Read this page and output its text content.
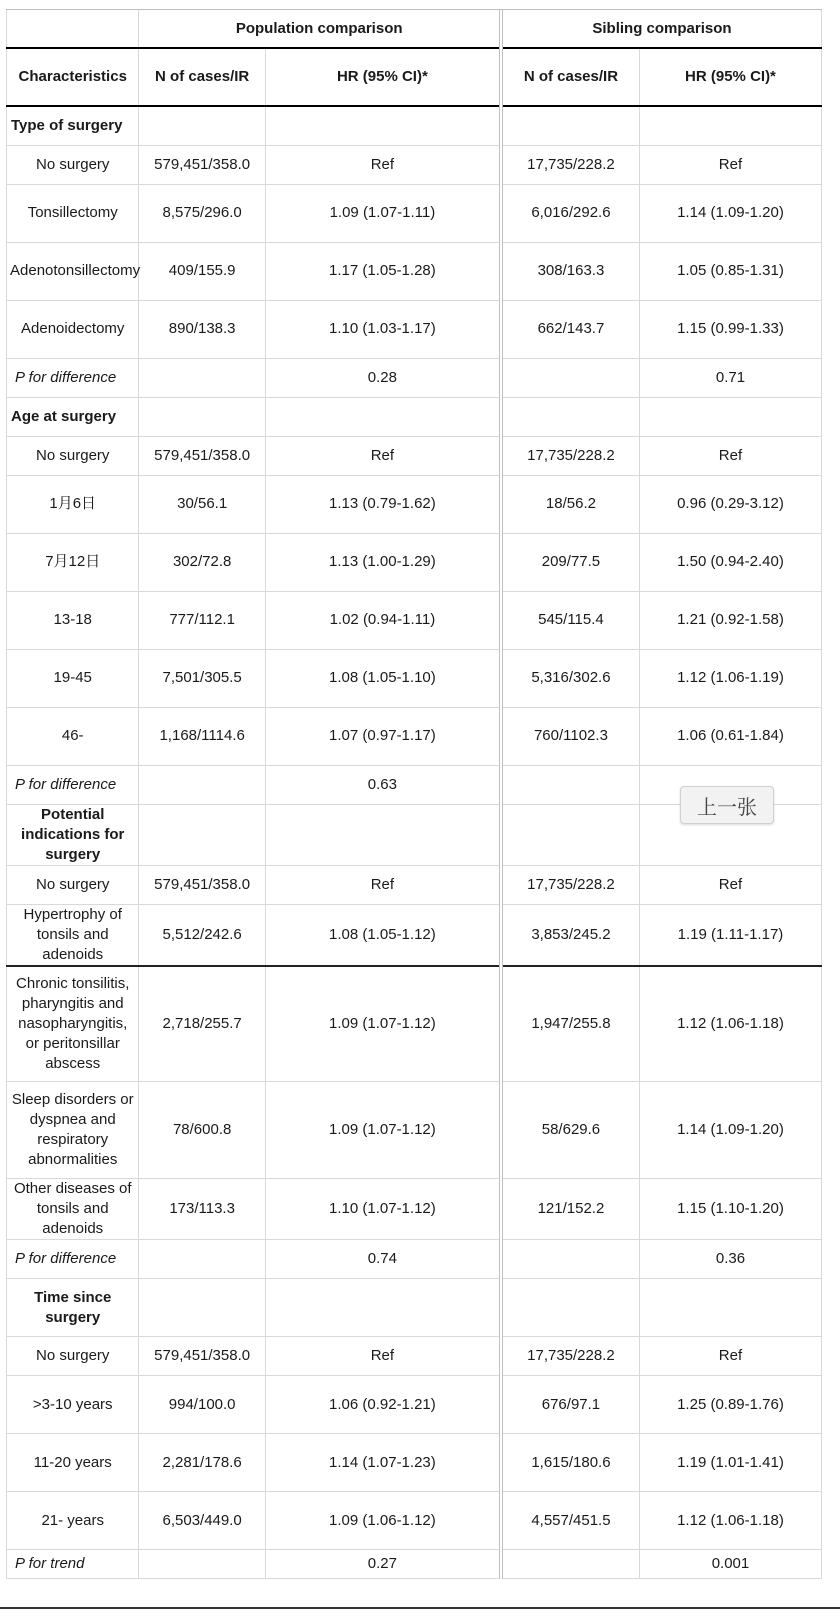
	Population comparison		Sibling comparison	
Characteristics	N of cases/IR	HR (95% CI)*	N of cases/IR	HR (95% CI)*
Type of surgery				
No surgery	579,451/358.0	Ref	17,735/228.2	Ref
Tonsillectomy	8,575/296.0	1.09 (1.07-1.11)	6,016/292.6	1.14 (1.09-1.20)
Adenotonsillectomy	409/155.9	1.17 (1.05-1.28)	308/163.3	1.05 (0.85-1.31)
Adenoidectomy	890/138.3	1.10 (1.03-1.17)	662/143.7	1.15 (0.99-1.33)
P for difference		0.28		0.71
Age at surgery				
No surgery	579,451/358.0	Ref	17,735/228.2	Ref
1月6日	30/56.1	1.13 (0.79-1.62)	18/56.2	0.96 (0.29-3.12)
7月12日	302/72.8	1.13 (1.00-1.29)	209/77.5	1.50 (0.94-2.40)
13-18	777/112.1	1.02 (0.94-1.11)	545/115.4	1.21 (0.92-1.58)
19-45	7,501/305.5	1.08 (1.05-1.10)	5,316/302.6	1.12 (1.06-1.19)
46-	1,168/1114.6	1.07 (0.97-1.17)	760/1102.3	1.06 (0.61-1.84)
P for difference		0.63		
Potential indications for surgery				
No surgery	579,451/358.0	Ref	17,735/228.2	Ref
Hypertrophy of tonsils and adenoids	5,512/242.6	1.08 (1.05-1.12)	3,853/245.2	1.19 (1.11-1.17)
Chronic tonsilitis, pharyngitis and nasopharyngitis, or peritonsillar abscess	2,718/255.7	1.09 (1.07-1.12)	1,947/255.8	1.12 (1.06-1.18)
Sleep disorders or dyspnea and respiratory abnormalities	78/600.8	1.09 (1.07-1.12)	58/629.6	1.14 (1.09-1.20)
Other diseases of tonsils and adenoids	173/113.3	1.10 (1.07-1.12)	121/152.2	1.15 (1.10-1.20)
P for difference		0.74		0.36
Time since surgery				
No surgery	579,451/358.0	Ref	17,735/228.2	Ref
>3-10 years	994/100.0	1.06 (0.92-1.21)	676/97.1	1.25 (0.89-1.76)
11-20 years	2,281/178.6	1.14 (1.07-1.23)	1,615/180.6	1.19 (1.01-1.41)
21- years	6,503/449.0	1.09 (1.06-1.12)	4,557/451.5	1.12 (1.06-1.18)
P for trend		0.27		0.001
上一张
